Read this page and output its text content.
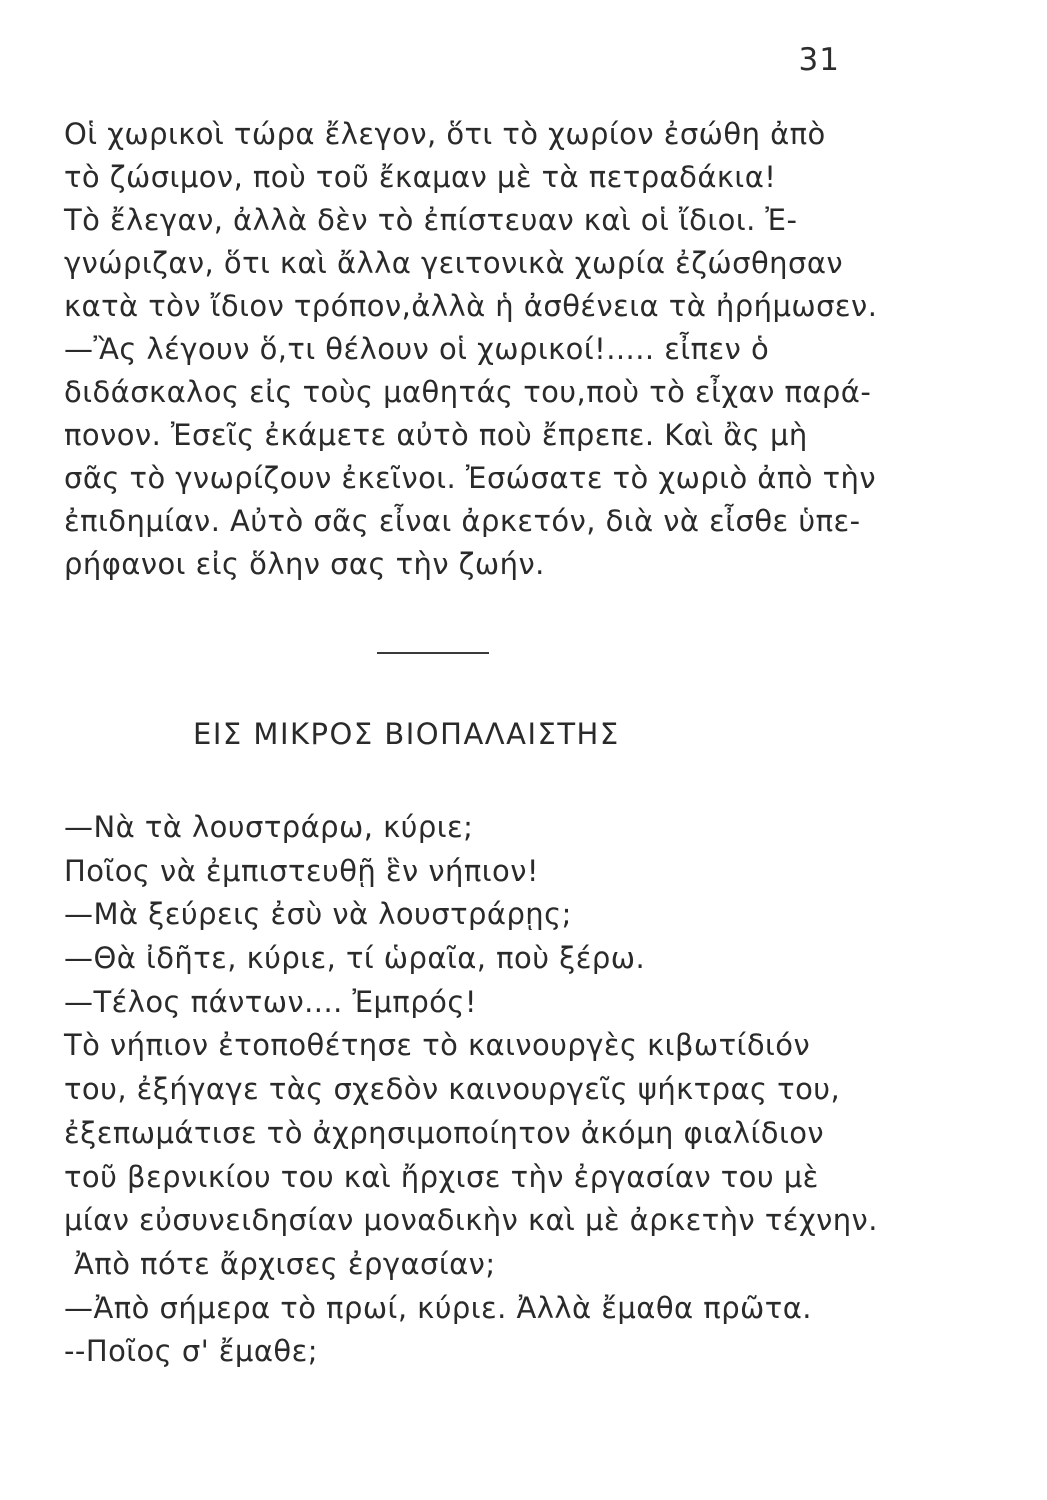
31
Οἱ χωρικοὶ τώρα ἔλεγον, ὅτι τὸ χωρίον ἐσώθη ἀπὸ
τὸ ζώσιμον, ποὺ τοῦ ἔκαμαν μὲ τὰ πετραδάκια!
Τὸ ἔλεγαν, ἀλλὰ δὲν τὸ ἐπίστευαν καὶ οἱ ἴδιοι. Ἐ-
γνώριζαν, ὅτι καὶ ἄλλα γειτονικὰ χωρία ἐζώσθησαν
κατὰ τὸν ἴδιον τρόπον,ἀλλὰ ἡ ἀσθένεια τὰ ἠρήμωσεν.
—Ἂς λέγουν ὅ,τι θέλουν οἱ χωρικοί!..... εἶπεν ὁ
διδάσκαλος εἰς τοὺς μαθητάς του,ποὺ τὸ εἶχαν παρά-
πονον. Ἐσεῖς ἐκάμετε αὐτὸ ποὺ ἔπρεπε. Καὶ ἂς μὴ
σᾶς τὸ γνωρίζουν ἐκεῖνοι. Ἐσώσατε τὸ χωριὸ ἀπὸ τὴν
ἐπιδημίαν. Αὐτὸ σᾶς εἶναι ἀρκετόν, διὰ νὰ εἶσθε ὑπε-
ρήφανοι εἰς ὅλην σας τὴν ζωήν.
ΕΙΣ ΜΙΚΡΟΣ ΒΙΟΠΑΛΑΙΣΤΗΣ
—Νὰ τὰ λουστράρω, κύριε;
Ποῖος νὰ ἐμπιστευθῇ ἓν νήπιον!
—Μὰ ξεύρεις ἐσὺ νὰ λουστράρῃς;
—Θὰ ἰδῆτε, κύριε, τί ὡραῖα, ποὺ ξέρω.
—Τέλος πάντων.... Ἐμπρός!
Τὸ νήπιον ἐτοποθέτησε τὸ καινουργὲς κιβωτίδιόν
του, ἐξήγαγε τὰς σχεδὸν καινουργεῖς ψήκτρας του,
ἐξεπωμάτισε τὸ ἀχρησιμοποίητον ἀκόμη φιαλίδιον
τοῦ βερνικίου του καὶ ἤρχισε τὴν ἐργασίαν του μὲ
μίαν εὐσυνειδησίαν μοναδικὴν καὶ μὲ ἀρκετὴν τέχνην.
Ἀπὸ πότε ἄρχισες ἐργασίαν;
—Ἀπὸ σήμερα τὸ πρωί, κύριε. Ἀλλὰ ἔμαθα πρῶτα.
--Ποῖος σ' ἔμαθε;
